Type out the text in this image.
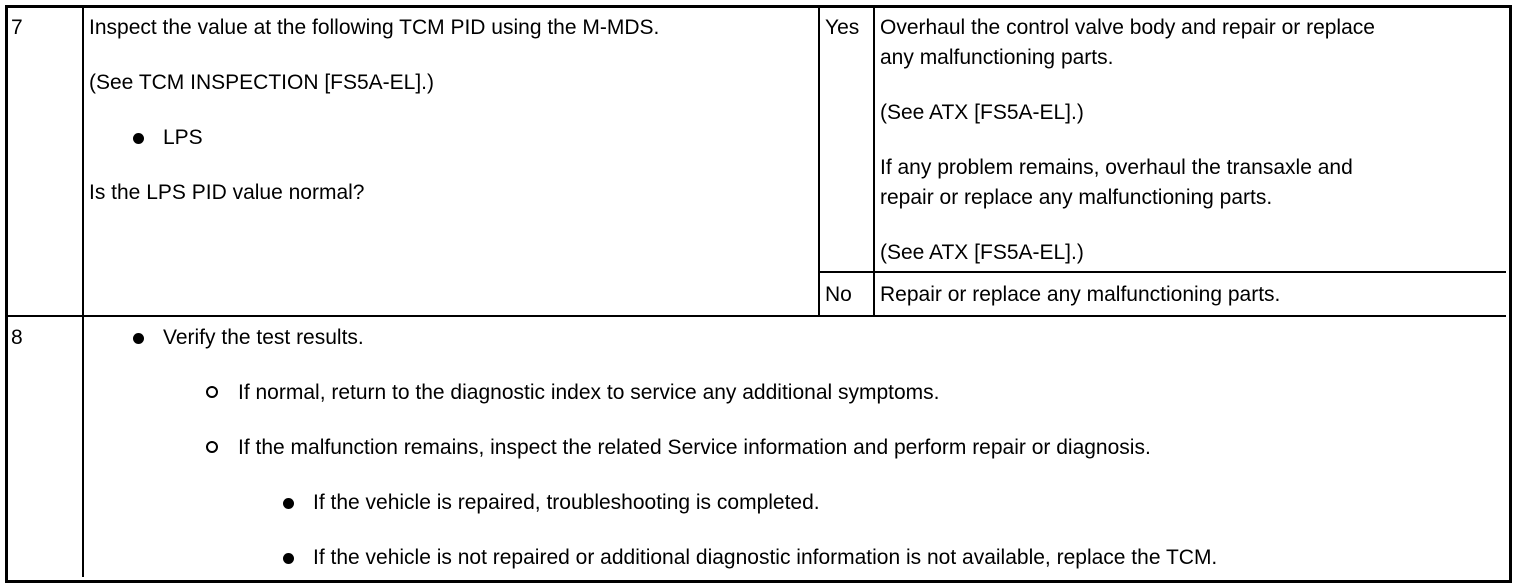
7	Inspect the value at the following TCM PID using the M-MDS.
(See TCM INSPECTION [FS5A-EL].)
LPS
Is the LPS PID value normal?
Yes Overhaul the control valve body and repair or replace
any malfunctioning parts.
(See ATX [FS5A-EL].)
If any problem remains, overhaul the transaxle and
repair or replace any malfunctioning parts.
(See ATX [FS5A-EL].)
No Repair or replace any malfunctioning parts.
8	Verify the test results.
If normal, return to the diagnostic index to service any additional symptoms.
If the malfunction remains, inspect the related Service information and perform repair or diagnosis.
If the vehicle is repaired, troubleshooting is completed.
If the vehicle is not repaired or additional diagnostic information is not available, replace the TCM.
